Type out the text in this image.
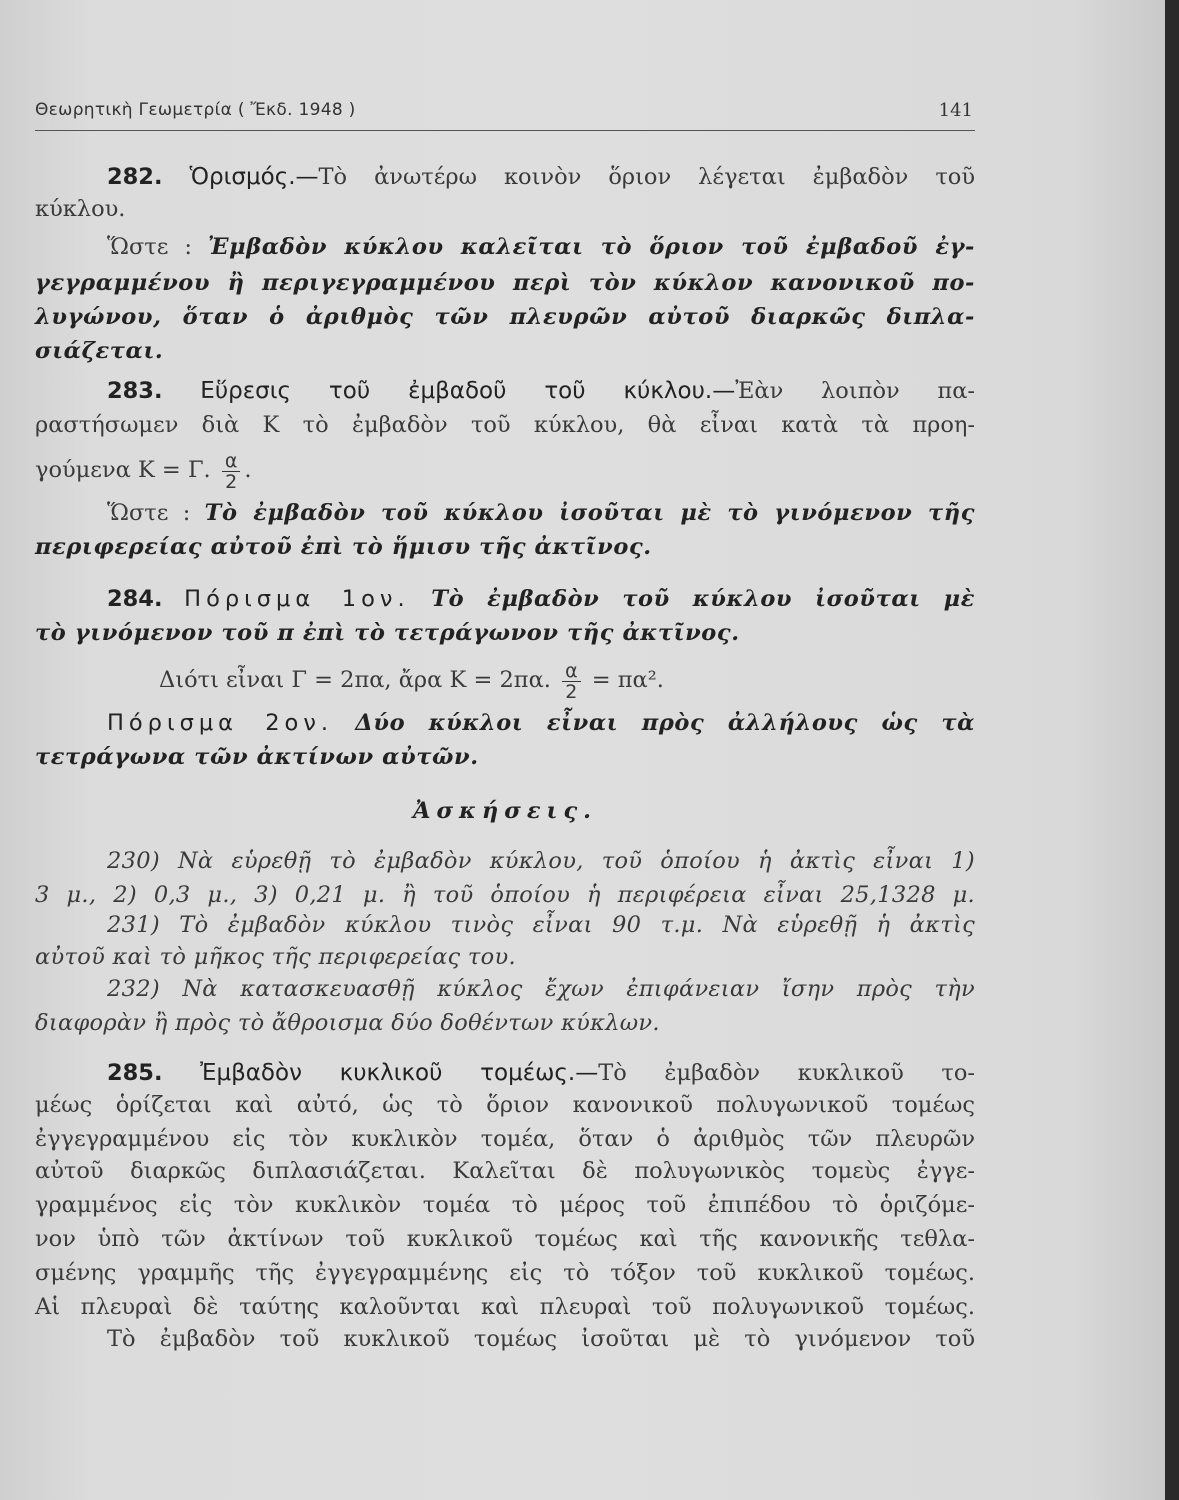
Θεωρητικὴ Γεωμετρία ( Ἔκδ. 1948 )	141
282. Ὁρισμός.—Τὸ ἀνωτέρω κοινὸν ὅριον λέγεται ἐμβαδὸν τοῦ
κύκλου.
Ὥστε : Ἐμβαδὸν κύκλου καλεῖται τὸ ὅριον τοῦ ἐμβαδοῦ ἐγ-
γεγραμμένου ἢ περιγεγραμμένου περὶ τὸν κύκλον κανονικοῦ πο-
λυγώνου, ὅταν ὁ ἀριθμὸς τῶν πλευρῶν αὐτοῦ διαρκῶς διπλα-
σιάζεται.
283. Εὕρεσις τοῦ ἐμβαδοῦ τοῦ κύκλου.—Ἐὰν λοιπὸν πα-
ραστήσωμεν διὰ Κ τὸ ἐμβαδὸν τοῦ κύκλου, θὰ εἶναι κατὰ τὰ προη-
γούμενα Κ = Γ. $\frac{\alpha}{2}$ .
Ὥστε : Τὸ ἐμβαδὸν τοῦ κύκλου ἰσοῦται μὲ τὸ γινόμενον τῆς
περιφερείας αὐτοῦ ἐπὶ τὸ ἥμισυ τῆς ἀκτῖνος.
284. Πόρισμα 1ον. Τὸ ἐμβαδὸν τοῦ κύκλου ἰσοῦται μὲ
τὸ γινόμενον τοῦ π ἐπὶ τὸ τετράγωνον τῆς ἀκτῖνος.
Διότι εἶναι Γ = 2πα, ἄρα Κ = 2πα. $\frac{\alpha}{2} = \pi\alpha^2$.
Πόρισμα 2ον. Δύο κύκλοι εἶναι πρὸς ἀλλήλους ὡς τὰ
τετράγωνα τῶν ἀκτίνων αὐτῶν.
Ἀσκήσεις.
230) Νὰ εὑρεθῇ τὸ ἐμβαδὸν κύκλου, τοῦ ὁποίου ἡ ἀκτὶς εἶναι 1)
3 μ., 2) 0,3 μ., 3) 0,21 μ. ἢ τοῦ ὁποίου ἡ περιφέρεια εἶναι 25,1328 μ.
231) Τὸ ἐμβαδὸν κύκλου τινὸς εἶναι 90 τ.μ. Νὰ εὑρεθῇ ἡ ἀκτὶς
αὐτοῦ καὶ τὸ μῆκος τῆς περιφερείας του.
232) Νὰ κατασκευασθῇ κύκλος ἔχων ἐπιφάνειαν ἴσην πρὸς τὴν
διαφορὰν ἢ πρὸς τὸ ἄθροισμα δύο δοθέντων κύκλων.
285. Ἐμβαδὸν κυκλικοῦ τομέως.—Τὸ ἐμβαδὸν κυκλικοῦ το-
μέως ὁρίζεται καὶ αὐτό, ὡς τὸ ὅριον κανονικοῦ πολυγωνικοῦ τομέως
ἐγγεγραμμένου εἰς τὸν κυκλικὸν τομέα, ὅταν ὁ ἀριθμὸς τῶν πλευρῶν
αὐτοῦ διαρκῶς διπλασιάζεται. Καλεῖται δὲ πολυγωνικὸς τομεὺς ἐγγε-
γραμμένος εἰς τὸν κυκλικὸν τομέα τὸ μέρος τοῦ ἐπιπέδου τὸ ὁριζόμε-
νον ὑπὸ τῶν ἀκτίνων τοῦ κυκλικοῦ τομέως καὶ τῆς κανονικῆς τεθλα-
σμένης γραμμῆς τῆς ἐγγεγραμμένης εἰς τὸ τόξον τοῦ κυκλικοῦ τομέως.
Αἱ πλευραὶ δὲ ταύτης καλοῦνται καὶ πλευραὶ τοῦ πολυγωνικοῦ τομέως.
Τὸ ἐμβαδὸν τοῦ κυκλικοῦ τομέως ἰσοῦται μὲ τὸ γινόμενον τοῦ
